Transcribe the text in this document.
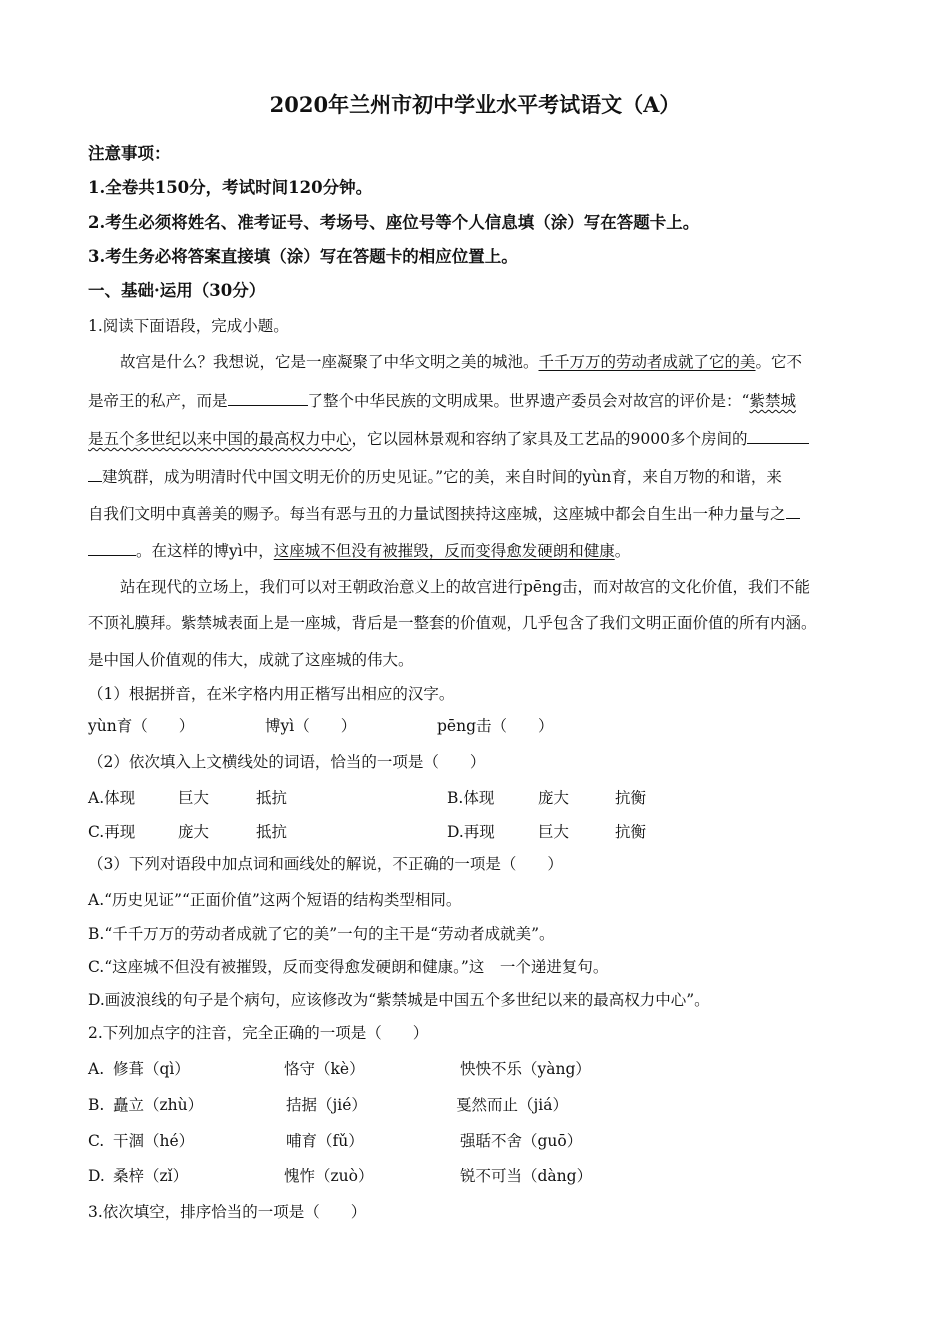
2020年兰州市初中学业水平考试语文（A）
注意事项：
1.全卷共150分，考试时间120分钟。
2.考生必须将姓名、准考证号、考场号、座位号等个人信息填（涂）写在答题卡上。
3.考生务必将答案直接填（涂）写在答题卡的相应位置上。
一、基础·运用（30分）
1.阅读下面语段，完成小题。
故宫是什么？我想说，它是一座凝聚了中华文明之美的城池。千千万万的劳动者成就了它的美。它不
是帝王的私产，而是	了整个中华民族的文明成果。世界遗产委员会对故宫的评价是：“紫禁城
是五个多世纪以来中国的最高权力中心，它以园林景观和容纳了家具及工艺品的9000多个房间的
建筑群，成为明清时代中国文明无价的历史见证。”它的美，来自时间的yùn育，来自万物的和谐，来
自我们文明中真善美的赐予。每当有恶与丑的力量试图挟持这座城，这座城中都会自生出一种力量与之
。在这样的博yì中，这座城不但没有被摧毁，反而变得愈发硬朗和健康。
站在现代的立场上，我们可以对王朝政治意义上的故宫进行pēng击，而对故宫的文化价值，我们不能
不顶礼膜拜。紫禁城表面上是一座城，背后是一整套的价值观，几乎包含了我们文明正面价值的所有内涵。
是中国人价值观的伟大，成就了这座城的伟大。
（1）根据拼音，在米字格内用正楷写出相应的汉字。
yùn育（　　）	博yì（　　）	pēng击（　　）
（2）依次填入上文横线处的词语，恰当的一项是（　　）
A.体现	巨大	抵抗	B.体现	庞大	抗衡
C.再现	庞大	抵抗	D.再现	巨大	抗衡
（3）下列对语段中加点词和画线处的解说，不正确的一项是（　　）
A.“历史见证”“正面价值”这两个短语的结构类型相同。
B.“千千万万的劳动者成就了它的美”一句的主干是“劳动者成就美”。
C.“这座城不但没有被摧毁，反而变得愈发硬朗和健康。”这　一个递进复句。
D.画波浪线的句子是个病句，应该修改为“紫禁城是中国五个多世纪以来的最高权力中心”。
2.下列加点字的注音，完全正确的一项是（　　）
A. 修葺（qì）	恪守（kè）	怏怏不乐（yàng）
B. 矗立（zhù）	拮据（jié）	戛然而止（jiá）
C. 干涸（hé）	哺育（fǔ）	强聒不舍（guō）
D. 桑梓（zǐ）	愧怍（zuò）	锐不可当（dàng）
3.依次填空，排序恰当的一项是（　　）
